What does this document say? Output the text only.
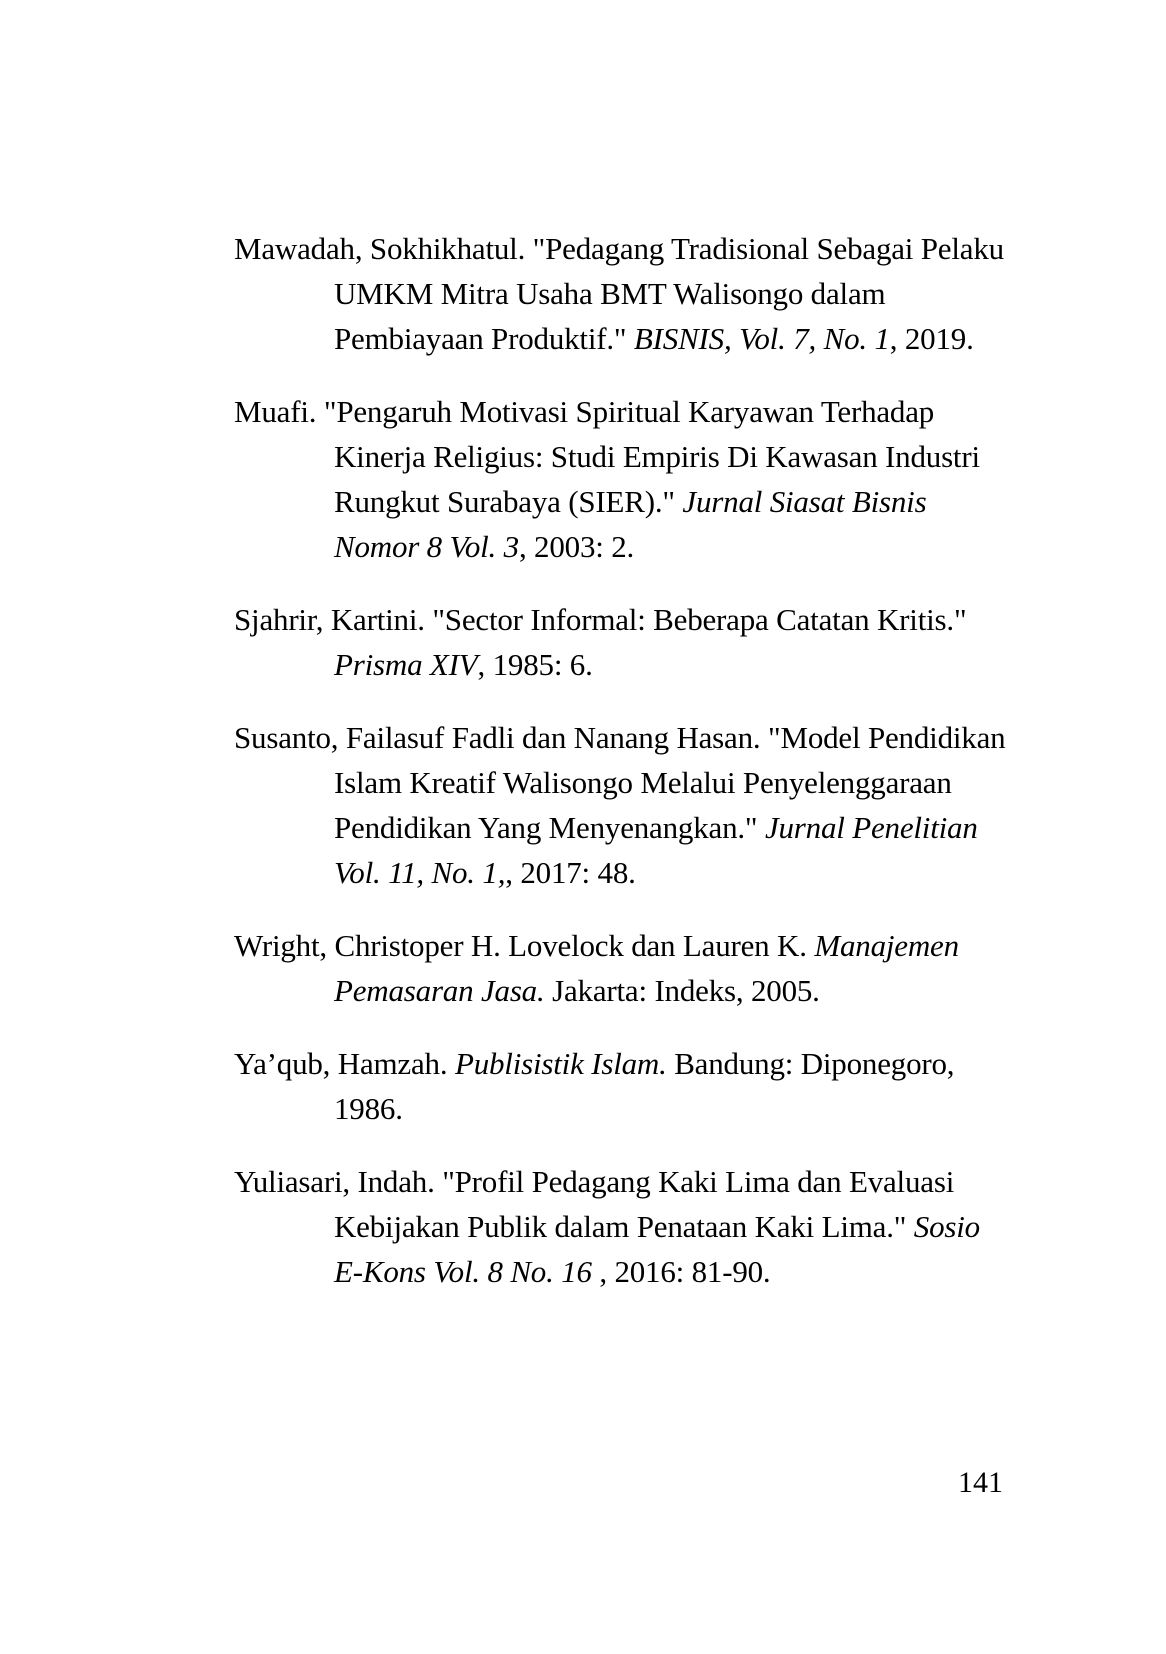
Mawadah, Sokhikhatul. "Pedagang Tradisional Sebagai Pelaku UMKM Mitra Usaha BMT Walisongo dalam Pembiayaan Produktif." BISNIS, Vol. 7, No. 1, 2019.

Muafi. "Pengaruh Motivasi Spiritual Karyawan Terhadap Kinerja Religius: Studi Empiris Di Kawasan Industri Rungkut Surabaya (SIER)." Jurnal Siasat Bisnis Nomor 8 Vol. 3, 2003: 2.

Sjahrir, Kartini. "Sector Informal: Beberapa Catatan Kritis." Prisma XIV, 1985: 6.

Susanto, Failasuf Fadli dan Nanang Hasan. "Model Pendidikan Islam Kreatif Walisongo Melalui Penyelenggaraan Pendidikan Yang Menyenangkan." Jurnal Penelitian Vol. 11, No. 1,, 2017: 48.

Wright, Christoper H. Lovelock dan Lauren K. Manajemen Pemasaran Jasa. Jakarta: Indeks, 2005.

Ya’qub, Hamzah. Publisistik Islam. Bandung: Diponegoro, 1986.

Yuliasari, Indah. "Profil Pedagang Kaki Lima dan Evaluasi Kebijakan Publik dalam Penataan Kaki Lima." Sosio E-Kons Vol. 8 No. 16 , 2016: 81-90.

141
